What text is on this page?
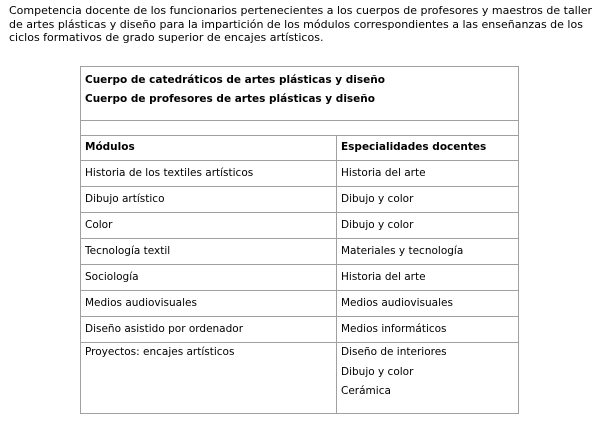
Competencia docente de los funcionarios pertenecientes a los cuerpos de profesores y maestros de taller de artes plásticas y diseño para la impartición de los módulos correspondientes a las enseñanzas de los ciclos formativos de grado superior de encajes artísticos.

Cuerpo de catedráticos de artes plásticas y diseño
Cuerpo de profesores de artes plásticas y diseño	

Módulos	Especialidades docentes
Historia de los textiles artísticos	Historia del arte
Dibujo artístico	Dibujo y color
Color	Dibujo y color
Tecnología textil	Materiales y tecnología
Sociología	Historia del arte
Medios audiovisuales	Medios audiovisuales
Diseño asistido por ordenador	Medios informáticos

Proyectos: encajes artísticos	Diseño de interiores
Dibujo y color
Cerámica
